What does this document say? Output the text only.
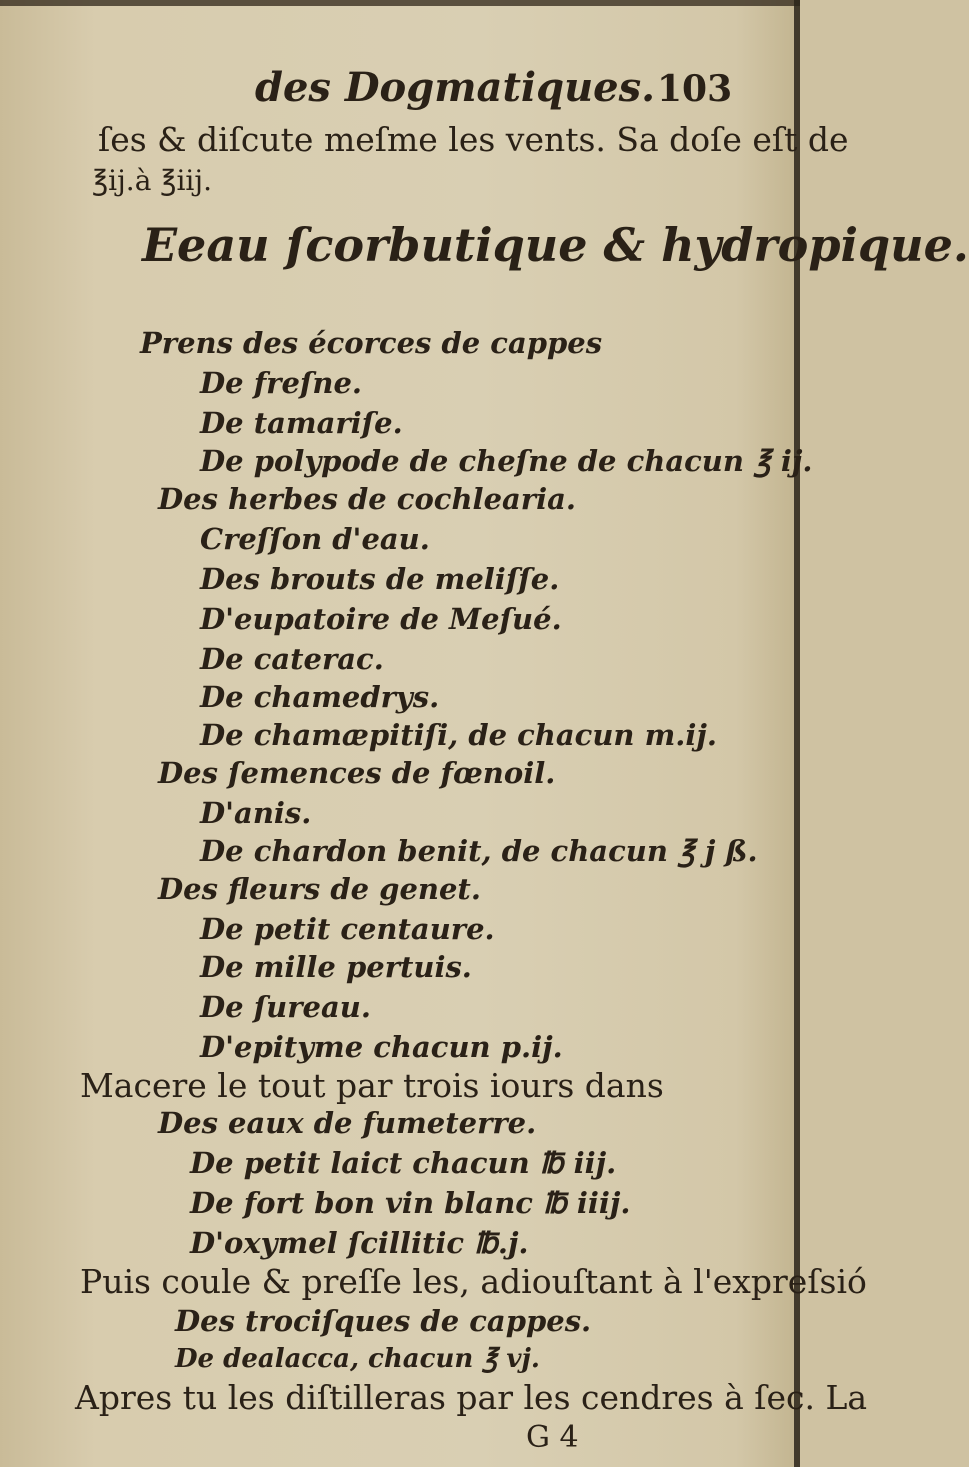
des Dogmatiques. 103
ſes & diſcute meſme les vents. Sa doſe eſt de
℥ij.à ℥iij.
Eeau ſcorbutique & hydropique.
Prens des écorces de cappes
De freſne.
De tamariſe.
De polypode de cheſne de chacun ℥ ij.
Des herbes de cochlearia.
Creſſon d'eau.
Des brouts de meliſſe.
D'eupatoire de Meſué.
De caterac.
De chamedrys.
De chamæpitiſi, de chacun m.ij.
Des ſemences de fœnoil.
D'anis.
De chardon benit, de chacun ℥ j ß.
Des fleurs de genet.
De petit centaure.
De mille pertuis.
De ſureau.
D'epityme chacun p.ij.
Macere le tout par trois iours dans
Des eaux de fumeterre.
De petit laict chacun ℔ iij.
De fort bon vin blanc ℔ iiij.
D'oxymel ſcillitic ℔.j.
Puis coule & preſſe les, adiouſtant à l'expreſsió
Des trociſques de cappes.
De dealacca, chacun ℥ vj.
Apres tu les diſtilleras par les cendres à ſec. La
G 4
